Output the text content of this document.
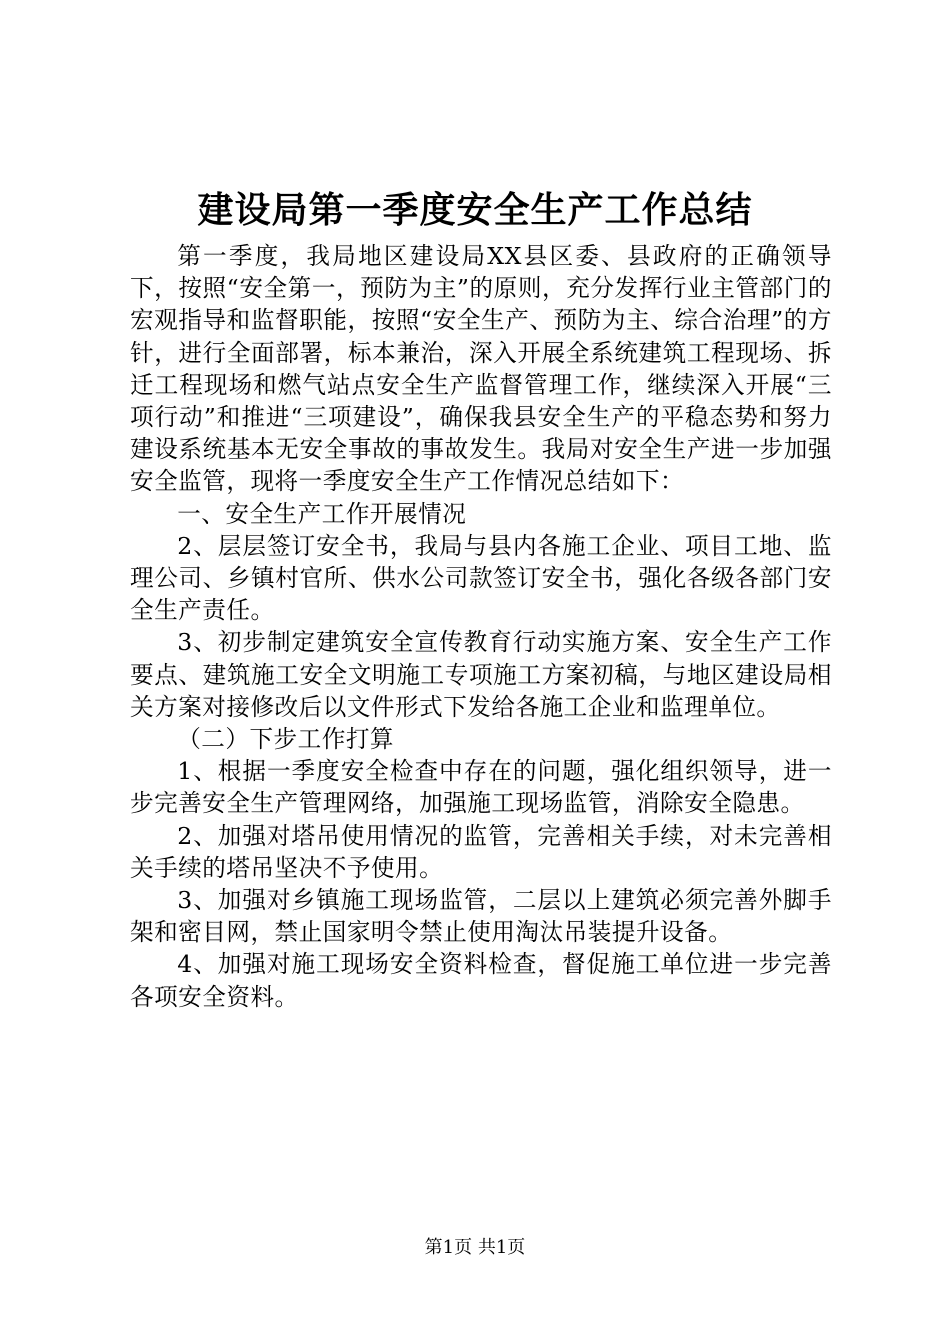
建设局第一季度安全生产工作总结

第一季度，我局地区建设局XX县区委、县政府的正确领导下，按照“安全第一，预防为主”的原则，充分发挥行业主管部门的宏观指导和监督职能，按照“安全生产、预防为主、综合治理”的方针，进行全面部署，标本兼治，深入开展全系统建筑工程现场、拆迁工程现场和燃气站点安全生产监督管理工作，继续深入开展“三项行动”和推进“三项建设”，确保我县安全生产的平稳态势和努力建设系统基本无安全事故的事故发生。我局对安全生产进一步加强安全监管，现将一季度安全生产工作情况总结如下：

一、安全生产工作开展情况

2、层层签订安全书，我局与县内各施工企业、项目工地、监理公司、乡镇村官所、供水公司款签订安全书，强化各级各部门安全生产责任。

3、初步制定建筑安全宣传教育行动实施方案、安全生产工作要点、建筑施工安全文明施工专项施工方案初稿，与地区建设局相关方案对接修改后以文件形式下发给各施工企业和监理单位。

（二）下步工作打算

1、根据一季度安全检查中存在的问题，强化组织领导，进一步完善安全生产管理网络，加强施工现场监管，消除安全隐患。

2、加强对塔吊使用情况的监管，完善相关手续，对未完善相关手续的塔吊坚决不予使用。

3、加强对乡镇施工现场监管，二层以上建筑必须完善外脚手架和密目网，禁止国家明令禁止使用淘汰吊装提升设备。

4、加强对施工现场安全资料检查，督促施工单位进一步完善各项安全资料。

第1页 共1页
